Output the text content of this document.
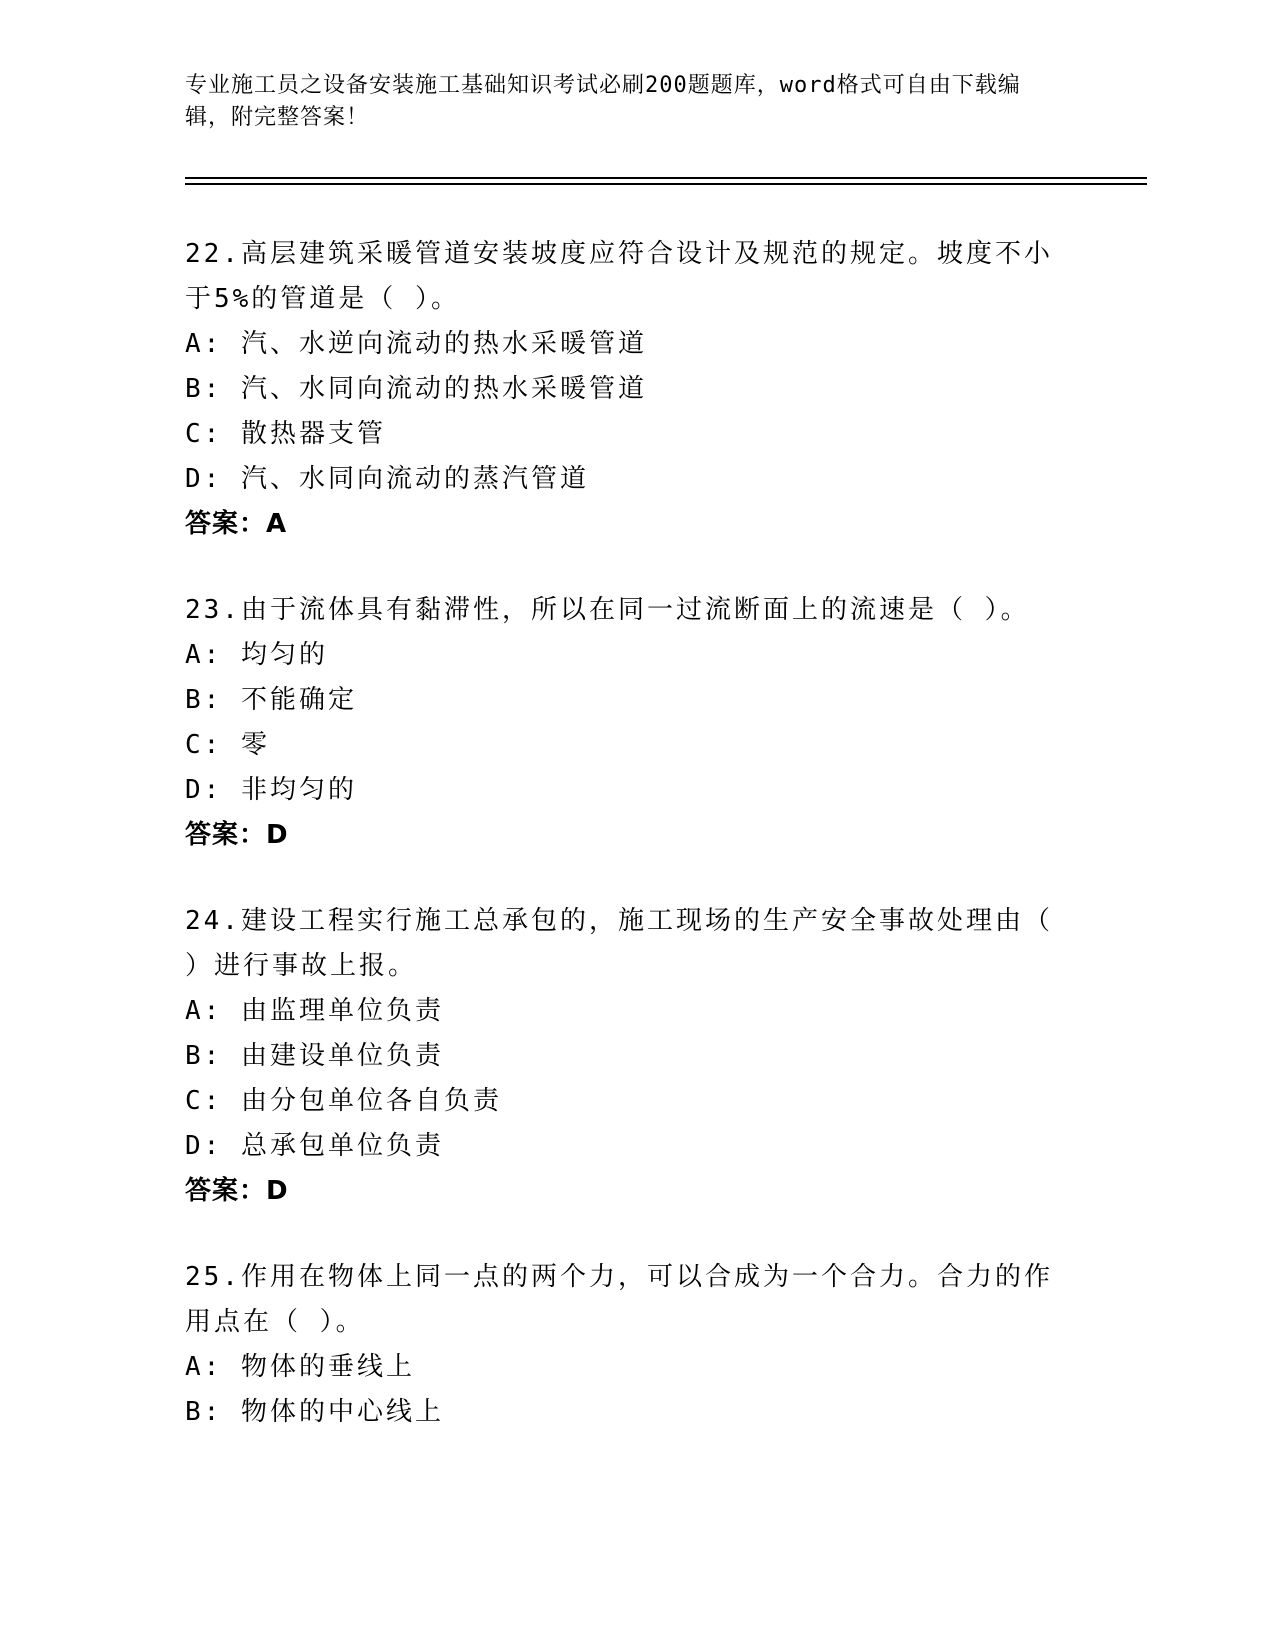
专业施工员之设备安装施工基础知识考试必刷200题题库，word格式可自由下载编辑，附完整答案！
22.高层建筑采暖管道安装坡度应符合设计及规范的规定。坡度不小于5%的管道是（ ）。
A: 汽、水逆向流动的热水采暖管道
B: 汽、水同向流动的热水采暖管道
C: 散热器支管
D: 汽、水同向流动的蒸汽管道
答案：A
23.由于流体具有黏滞性，所以在同一过流断面上的流速是（ ）。
A: 均匀的
B: 不能确定
C: 零
D: 非均匀的
答案：D
24.建设工程实行施工总承包的，施工现场的生产安全事故处理由（ ）进行事故上报。
A: 由监理单位负责
B: 由建设单位负责
C: 由分包单位各自负责
D: 总承包单位负责
答案：D
25.作用在物体上同一点的两个力，可以合成为一个合力。合力的作用点在（ ）。
A: 物体的垂线上
B: 物体的中心线上
